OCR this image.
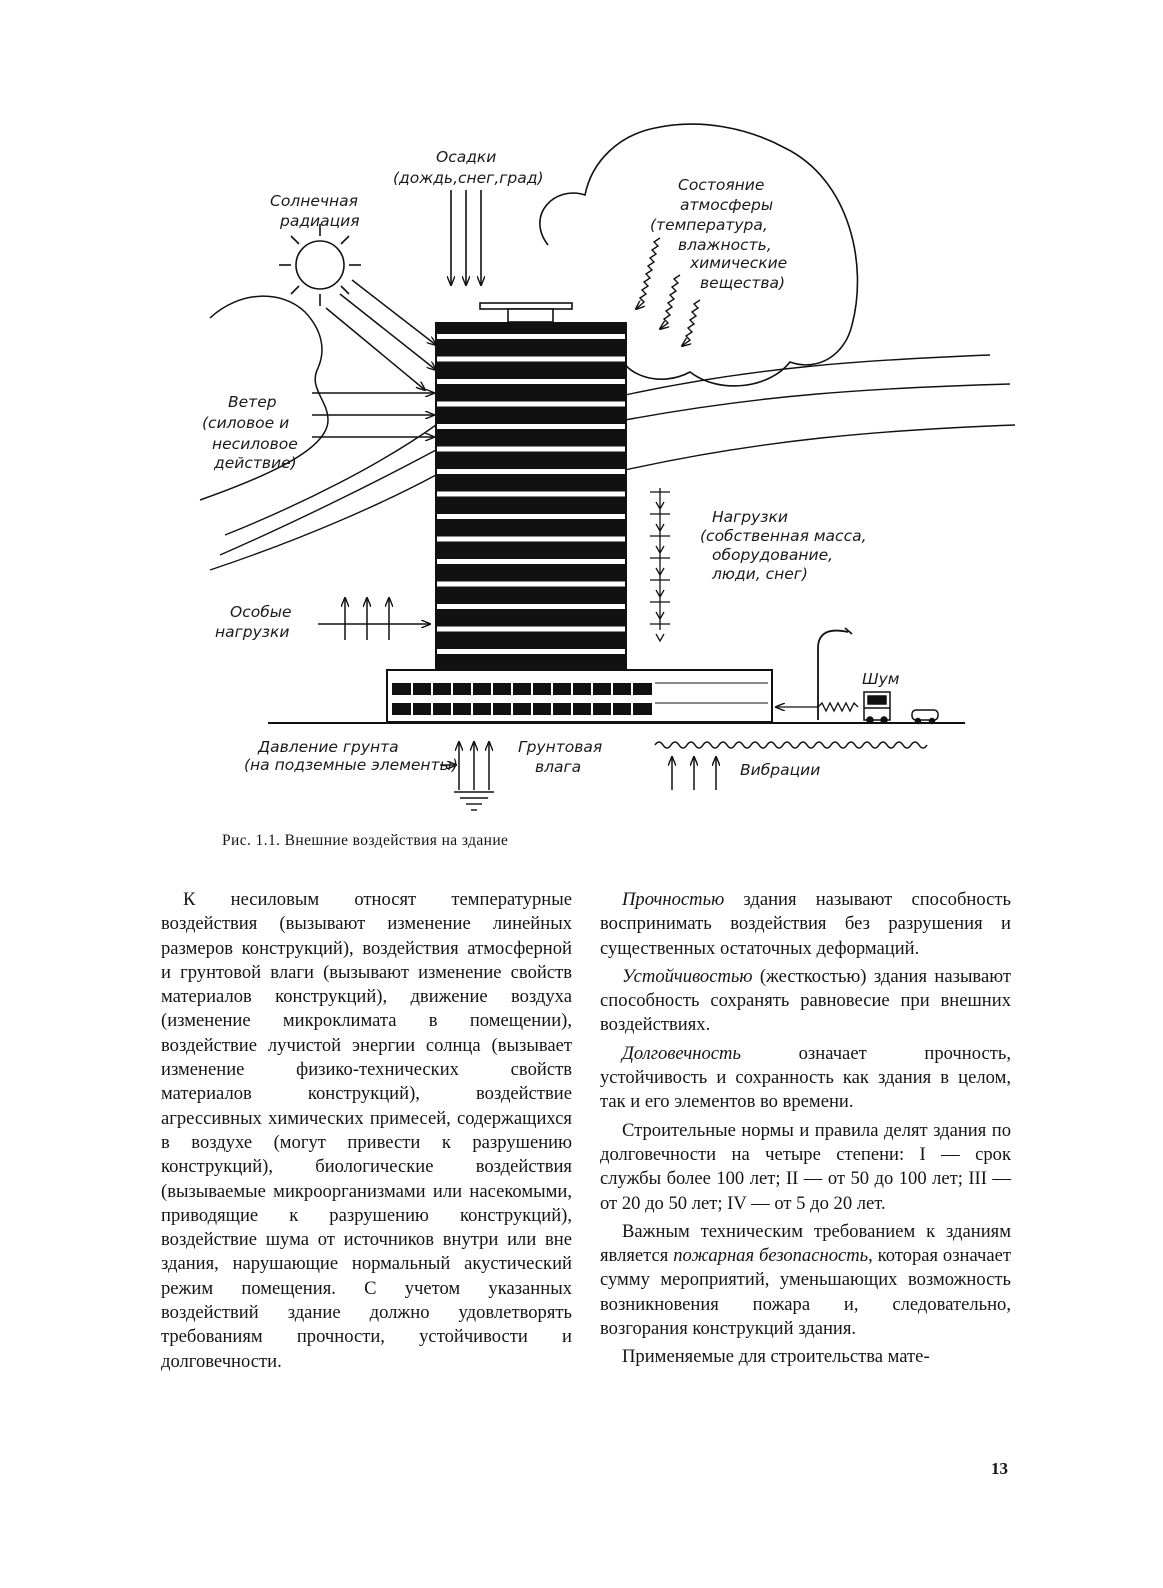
Осадки
(дождь,снег,град)
Солнечная
радиация
Состояние
атмосферы
(температура,
влажность,
химические
вещества)
Ветер
(силовое и
несиловое
действие)
Нагрузки
(собственная масса,
оборудование,
люди, снег)
Особые
нагрузки
Шум
Давление грунта
(на подземные элементы)
Грунтовая
влага	Вибрации
Рис. 1.1. Внешние воздействия на здание

К несиловым относят температурные воздействия (вызывают изменение линейных размеров конструкций), воздействия атмосферной и грунтовой влаги (вызывают изменение свойств материалов конструкций), движение воздуха (изменение микроклимата в помещении), воздействие лучистой энергии солнца (вызывает изменение физико-технических свойств материалов конструкций), воздействие агрессивных химических примесей, содержащихся в воздухе (могут привести к разрушению конструкций), биологические воздействия (вызываемые микроорганизмами или насекомыми, приводящие к разрушению конструкций), воздействие шума от источников внутри или вне здания, нарушающие нормальный акустический режим помещения. С учетом указанных воздействий здание должно удовлетворять требованиям прочности, устойчивости и долговечности.

Прочностью здания называют способность воспринимать воздействия без разрушения и существенных остаточных деформаций.

Устойчивостью (жесткостью) здания называют способность сохранять равновесие при внешних воздействиях.

Долговечность означает прочность, устойчивость и сохранность как здания в целом, так и его элементов во времени.

Строительные нормы и правила делят здания по долговечности на четыре степени: I — срок службы более 100 лет; II — от 50 до 100 лет; III — от 20 до 50 лет; IV — от 5 до 20 лет.

Важным техническим требованием к зданиям является пожарная безопасность, которая означает сумму мероприятий, уменьшающих возможность возникновения пожара и, следовательно, возгорания конструкций здания.

Применяемые для строительства мате-

13
